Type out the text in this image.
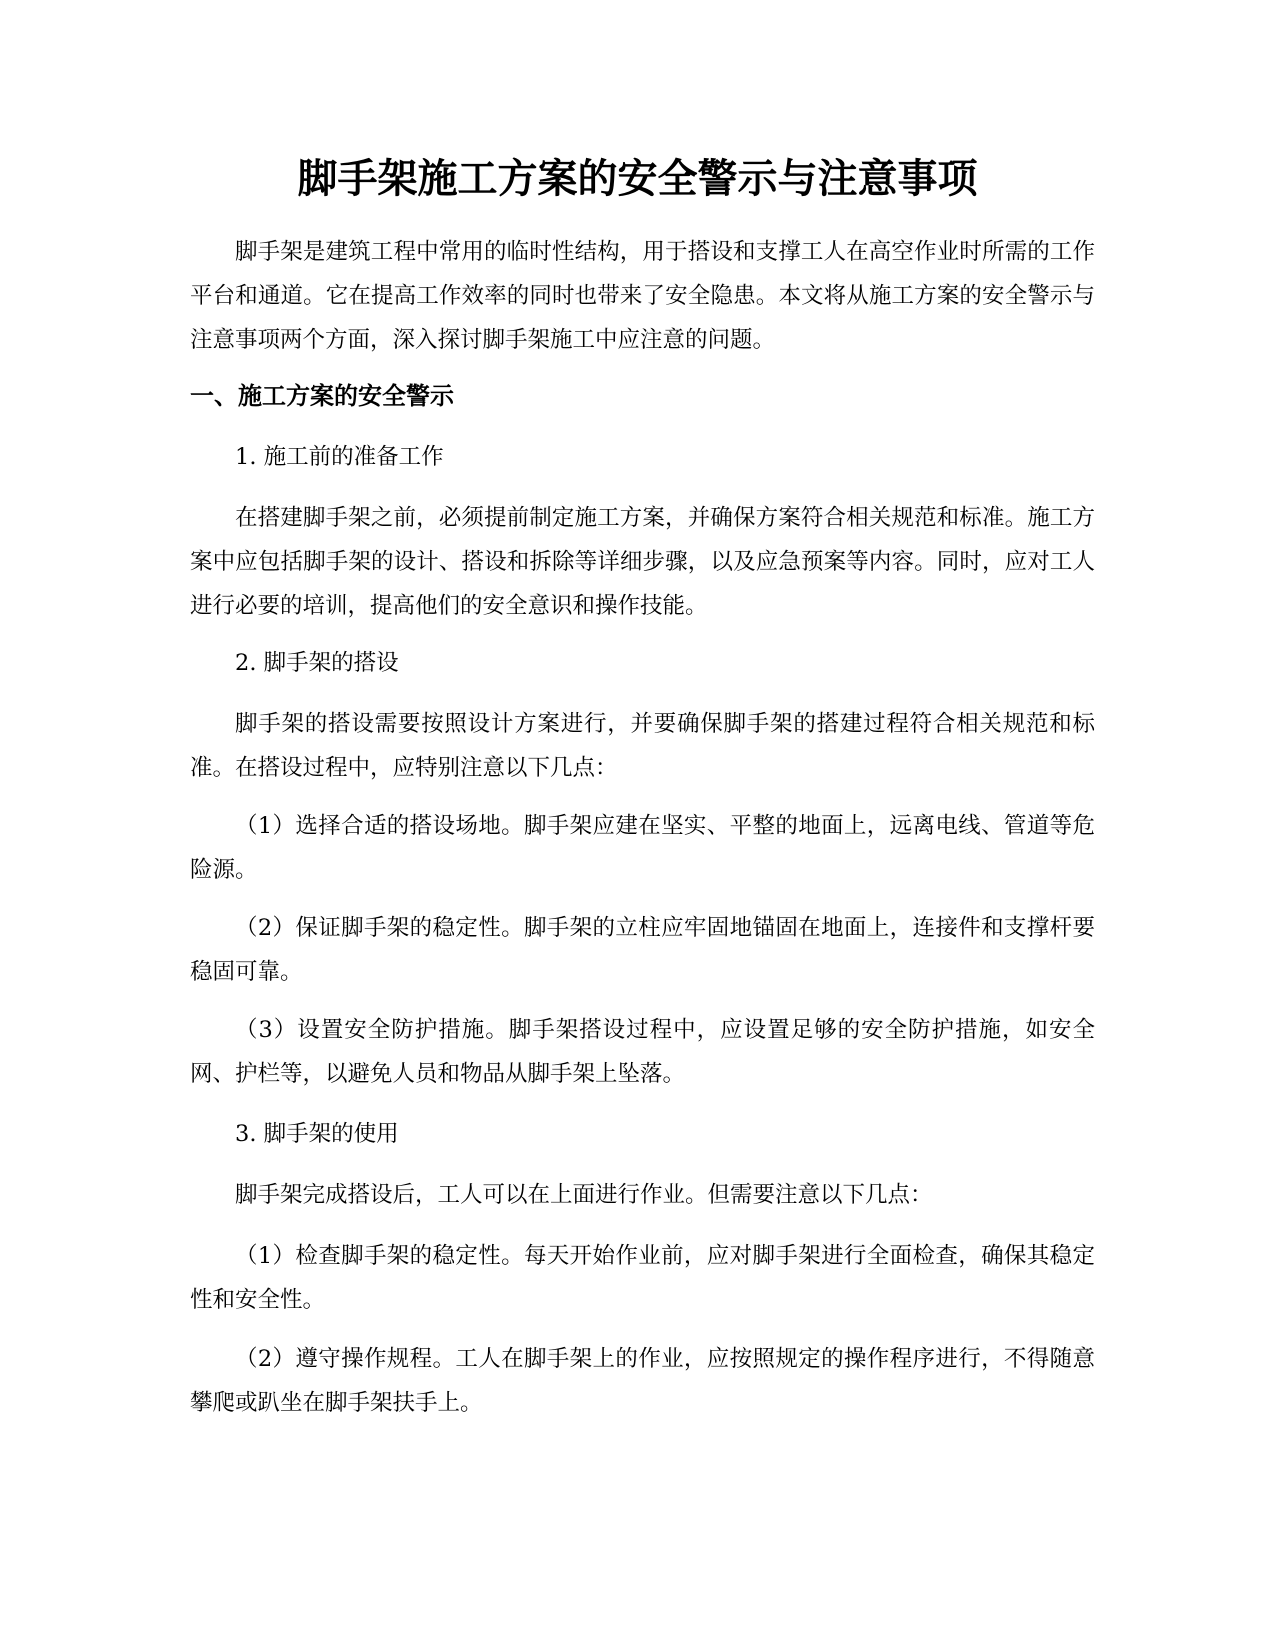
脚手架施工方案的安全警示与注意事项

脚手架是建筑工程中常用的临时性结构，用于搭设和支撑工人在高空作业时所需的工作平台和通道。它在提高工作效率的同时也带来了安全隐患。本文将从施工方案的安全警示与注意事项两个方面，深入探讨脚手架施工中应注意的问题。

一、施工方案的安全警示

1. 施工前的准备工作

在搭建脚手架之前，必须提前制定施工方案，并确保方案符合相关规范和标准。施工方案中应包括脚手架的设计、搭设和拆除等详细步骤，以及应急预案等内容。同时，应对工人进行必要的培训，提高他们的安全意识和操作技能。

2. 脚手架的搭设

脚手架的搭设需要按照设计方案进行，并要确保脚手架的搭建过程符合相关规范和标准。在搭设过程中，应特别注意以下几点：

（1）选择合适的搭设场地。脚手架应建在坚实、平整的地面上，远离电线、管道等危险源。

（2）保证脚手架的稳定性。脚手架的立柱应牢固地锚固在地面上，连接件和支撑杆要稳固可靠。

（3）设置安全防护措施。脚手架搭设过程中，应设置足够的安全防护措施，如安全网、护栏等，以避免人员和物品从脚手架上坠落。

3. 脚手架的使用

脚手架完成搭设后，工人可以在上面进行作业。但需要注意以下几点：

（1）检查脚手架的稳定性。每天开始作业前，应对脚手架进行全面检查，确保其稳定性和安全性。

（2）遵守操作规程。工人在脚手架上的作业，应按照规定的操作程序进行，不得随意攀爬或趴坐在脚手架扶手上。
